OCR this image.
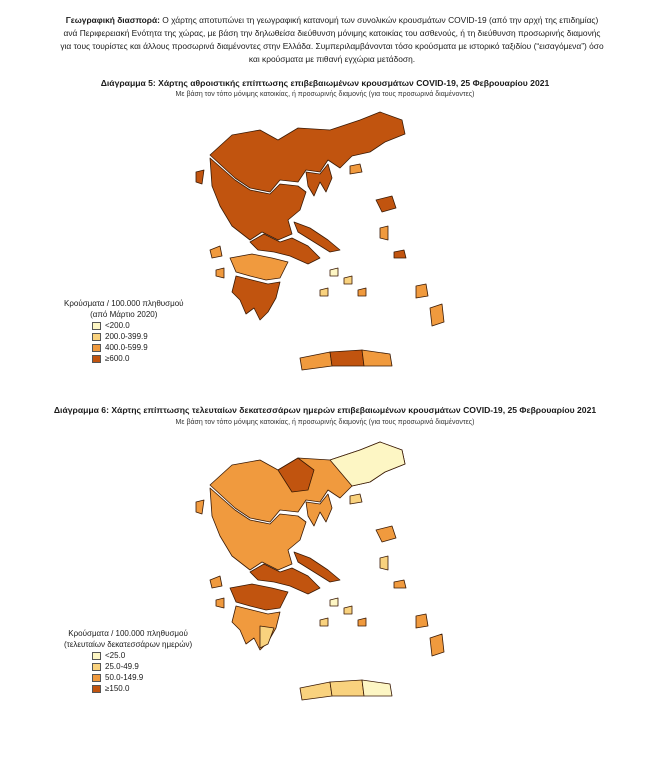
Γεωγραφική διασπορά: Ο χάρτης αποτυπώνει τη γεωγραφική κατανομή των συνολικών κρουσμάτων COVID-19 (από την αρχή της επιδημίας) ανά Περιφερειακή Ενότητα της χώρας, με βάση την δηλωθείσα διεύθυνση μόνιμης κατοικίας του ασθενούς, ή τη διεύθυνση προσωρινής διαμονής για τους τουρίστες και άλλους προσωρινά διαμένοντες στην Ελλάδα. Συμπεριλαμβάνονται τόσο κρούσματα με ιστορικό ταξιδίου (“εισαγόμενα”) όσο και κρούσματα με πιθανή εγχώρια μετάδοση.
Διάγραμμα 5: Χάρτης αθροιστικής επίπτωσης επιβεβαιωμένων κρουσμάτων COVID-19, 25 Φεβρουαρίου 2021
Με βάση τον τόπο μόνιμης κατοικίας, ή προσωρινής διαμονής (για τους προσωρινά διαμένοντες)
Κρούσματα / 100.000 πληθυσμού
(από Μάρτιο 2020)
<200.0
200.0-399.9
400.0-599.9
≥600.0
Διάγραμμα 6: Χάρτης επίπτωσης τελευταίων δεκατεσσάρων ημερών επιβεβαιωμένων κρουσμάτων COVID-19, 25 Φεβρουαρίου 2021
Με βάση τον τόπο μόνιμης κατοικίας, ή προσωρινής διαμονής (για τους προσωρινά διαμένοντες)
Κρούσματα / 100.000 πληθυσμού
(τελευταίων δεκατεσσάρων ημερών)
<25.0
25.0-49.9
50.0-149.9
≥150.0
